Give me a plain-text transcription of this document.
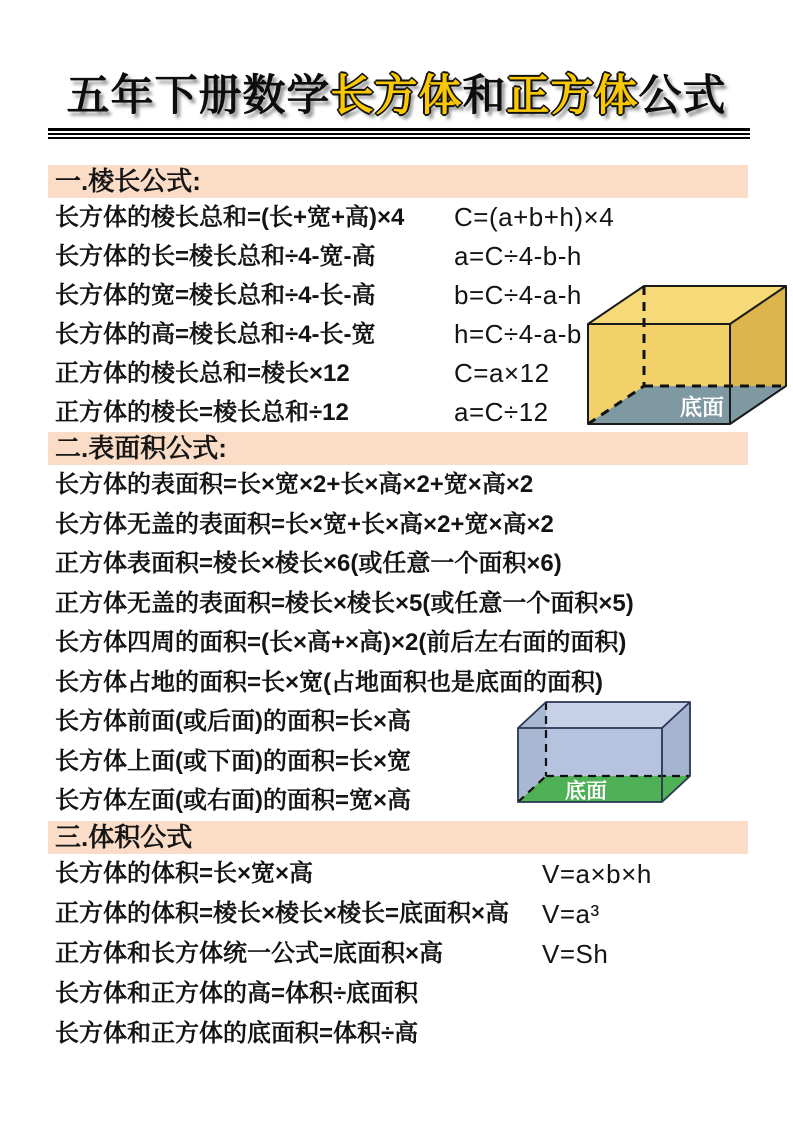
五年下册数学长方体和正方体公式
一.棱长公式:
长方体的棱长总和=(长+宽+高)×4 C=(a+b+h)×4
长方体的长=棱长总和÷4-宽-高	a=C÷4-b-h
长方体的宽=棱长总和÷4-长-高	b=C÷4-a-h
长方体的高=棱长总和÷4-长-宽	h=C÷4-a-b
正方体的棱长总和=棱长×12	C=a×12
正方体的棱长=棱长总和÷12	a=C÷12
二.表面积公式:
长方体的表面积=长×宽×2+长×高×2+宽×高×2
长方体无盖的表面积=长×宽+长×高×2+宽×高×2
正方体表面积=棱长×棱长×6(或任意一个面积×6)
正方体无盖的表面积=棱长×棱长×5(或任意一个面积×5)
长方体四周的面积=(长×高+×高)×2(前后左右面的面积)
长方体占地的面积=长×宽(占地面积也是底面的面积)
长方体前面(或后面)的面积=长×高
长方体上面(或下面)的面积=长×宽
长方体左面(或右面)的面积=宽×高
三.体积公式
长方体的体积=长×宽×高	V=a×b×h
正方体的体积=棱长×棱长×棱长=底面积×高 V=a³
正方体和长方体统一公式=底面积×高	V=Sh
长方体和正方体的高=体积÷底面积
长方体和正方体的底面积=体积÷高
底面
底面
